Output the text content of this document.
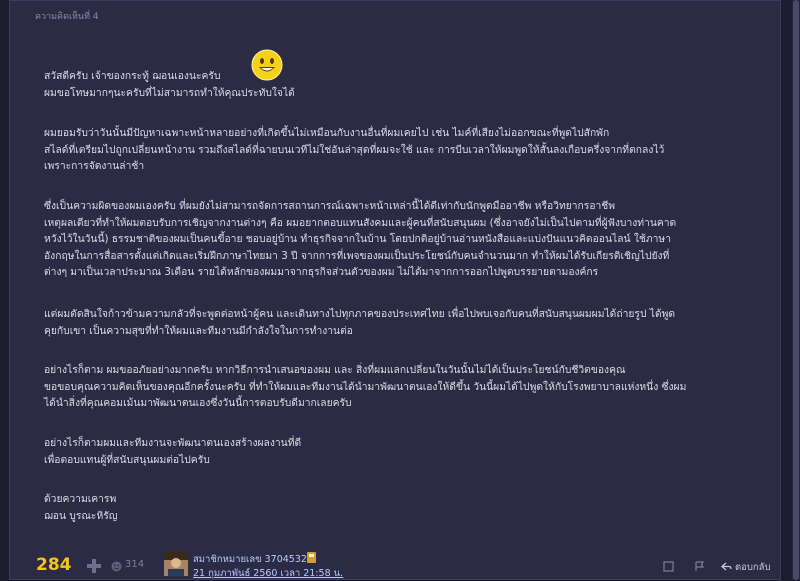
ความคิดเห็นที่ 4
สวัสดีครับ เจ้าของกระทู้ ฌอนเองนะครับ
ผมขอโทษมากๆนะครับที่ไม่สามารถทำให้คุณประทับใจได้
ผมยอมรับว่าวันนั้นมีปัญหาเฉพาะหน้าหลายอย่างที่เกิดขึ้นไม่เหมือนกับงานอื่นที่ผมเคยไป เช่น ไมค์ที่เสียงไม่ออกขณะที่พูดไปสักพัก
สไลด์ที่เตรียมไปถูกเปลี่ยนหน้างาน รวมถึงสไลด์ที่ฉายบนเวทีไม่ใช่อันล่าสุดที่ผมจะใช้ และ การบีบเวลาให้ผมพูดให้สั้นลงเกือบครึ่งจากที่ตกลงไว้
เพราะการจัดงานล่าช้า
ซึ่งเป็นความผิดของผมเองครับ ที่ผมยังไม่สามารถจัดการสถานการณ์เฉพาะหน้าเหล่านี้ได้ดีเท่ากับนักพูดมืออาชีพ หรือวิทยากรอาชีพ
เหตุผลเดียวที่ทำให้ผมตอบรับการเชิญจากงานต่างๆ คือ ผมอยากตอบแทนสังคมและผู้คนที่สนับสนุนผม (ซึ่งอาจยังไม่เป็นไปตามที่ผู้ฟังบางท่านคาด
หวังไว้ในวันนี้) ธรรมชาติของผมเป็นคนขี้อาย ชอบอยู่บ้าน ทำธุรกิจจากในบ้าน โดยปกติอยู่บ้านอ่านหนังสือและแบ่งปันแนวคิดออนไลน์ ใช้ภาษา
อังกฤษในการสื่อสารตั้งแต่เกิดและเริ่มฝึกภาษาไทยมา 3 ปี จากการที่เพจของผมเป็นประโยชน์กับคนจำนวนมาก ทำให้ผมได้รับเกียรติเชิญไปยังที่
ต่างๆ มาเป็นเวลาประมาณ 3เดือน รายได้หลักของผมมาจากธุรกิจส่วนตัวของผม ไม่ได้มาจากการออกไปพูดบรรยายตามองค์กร
แต่ผมตัดสินใจก้าวข้ามความกลัวที่จะพูดต่อหน้าผู้คน และเดินทางไปทุกภาคของประเทศไทย เพื่อไปพบเจอกับคนที่สนับสนุนผมผมได้ถ่ายรูป ได้พูด
คุยกับเขา เป็นความสุขที่ทำให้ผมและทีมงานมีกำลังใจในการทำงานต่อ
อย่างไรก็ตาม ผมขออภัยอย่างมากครับ หากวิธีการนำเสนอของผม และ สิ่งที่ผมแลกเปลี่ยนในวันนั้นไม่ได้เป็นประโยชน์กับชีวิตของคุณ
ขอขอบคุณความคิดเห็นของคุณอีกครั้งนะครับ ที่ทำให้ผมและทีมงานได้นำมาพัฒนาตนเองให้ดีขึ้น วันนี้ผมได้ไปพูดให้กับโรงพยาบาลแห่งหนึ่ง ซึ่งผม
ได้นำสิ่งที่คุณคอมเม้นมาพัฒนาตนเองซึ่งวันนี้การตอบรับดีมากเลยครับ
อย่างไรก็ตามผมและทีมงานจะพัฒนาตนเองสร้างผลงานที่ดี
เพื่อตอบแทนผู้ที่สนับสนุนผมต่อไปครับ
ด้วยความเคารพ
ฌอน บูรณะหิรัญ
284	314	สมาชิกหมายเลข 3704532
21 กุมภาพันธ์ 2560 เวลา 21:58 น.
ตอบกลับ
